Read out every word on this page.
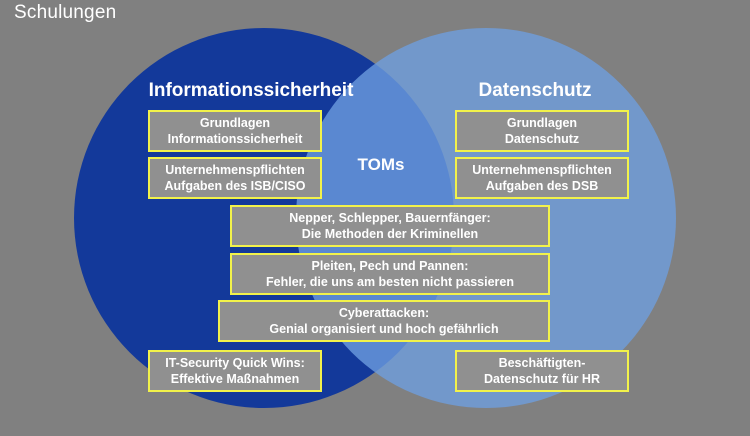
Schulungen
Informationssicherheit	Datenschutz
TOMs
Grundlagen
Informationssicherheit
Unternehmenspflichten
Aufgaben des ISB/CISO
Grundlagen
Datenschutz
Unternehmenspflichten
Aufgaben des DSB
Nepper, Schlepper, Bauernfänger:
Die Methoden der Kriminellen
Pleiten, Pech und Pannen:
Fehler, die uns am besten nicht passieren
Cyberattacken:
Genial organisiert und hoch gefährlich
IT-Security Quick Wins:
Effektive Maßnahmen
Beschäftigten-
Datenschutz für HR
